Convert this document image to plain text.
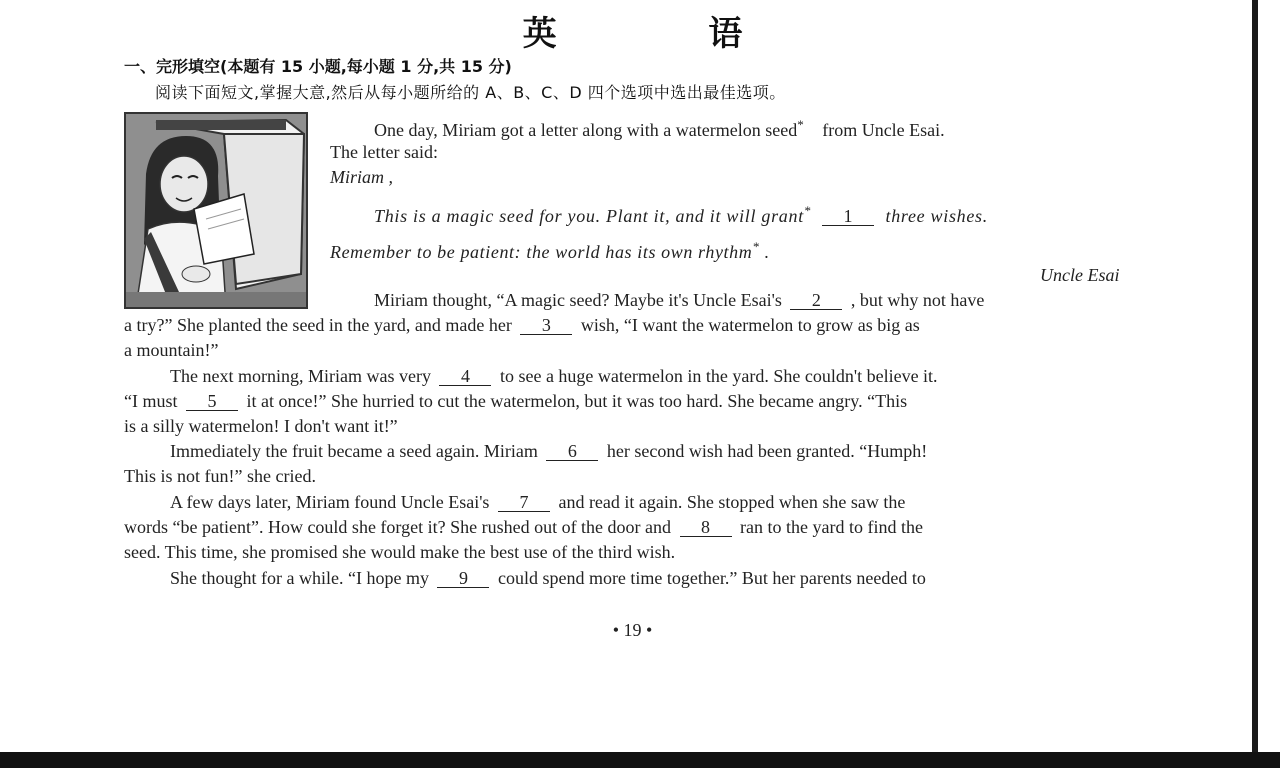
英 语
一、完形填空(本题有 15 小题,每小题 1 分,共 15 分)
阅读下面短文,掌握大意,然后从每小题所给的 A、B、C、D 四个选项中选出最佳选项。
One day, Miriam got a letter along with a watermelon seed* from Uncle Esai.
The letter said:
Miriam ,
This is a magic seed for you. Plant it, and it will grant* 1 three wishes.
Remember to be patient: the world has its own rhythm* .
Uncle Esai
Miriam thought, “A magic seed? Maybe it's Uncle Esai's 2 , but why not have
a try?” She planted the seed in the yard, and made her 3 wish, “I want the watermelon to grow as big as
a mountain!”
The next morning, Miriam was very 4 to see a huge watermelon in the yard. She couldn't believe it.
“I must 5 it at once!” She hurried to cut the watermelon, but it was too hard. She became angry. “This
is a silly watermelon! I don't want it!”
Immediately the fruit became a seed again. Miriam 6 her second wish had been granted. “Humph!
This is not fun!” she cried.
A few days later, Miriam found Uncle Esai's 7 and read it again. She stopped when she saw the
words “be patient”. How could she forget it? She rushed out of the door and 8 ran to the yard to find the
seed. This time, she promised she would make the best use of the third wish.
She thought for a while. “I hope my 9 could spend more time together.” But her parents needed to
• 19 •
